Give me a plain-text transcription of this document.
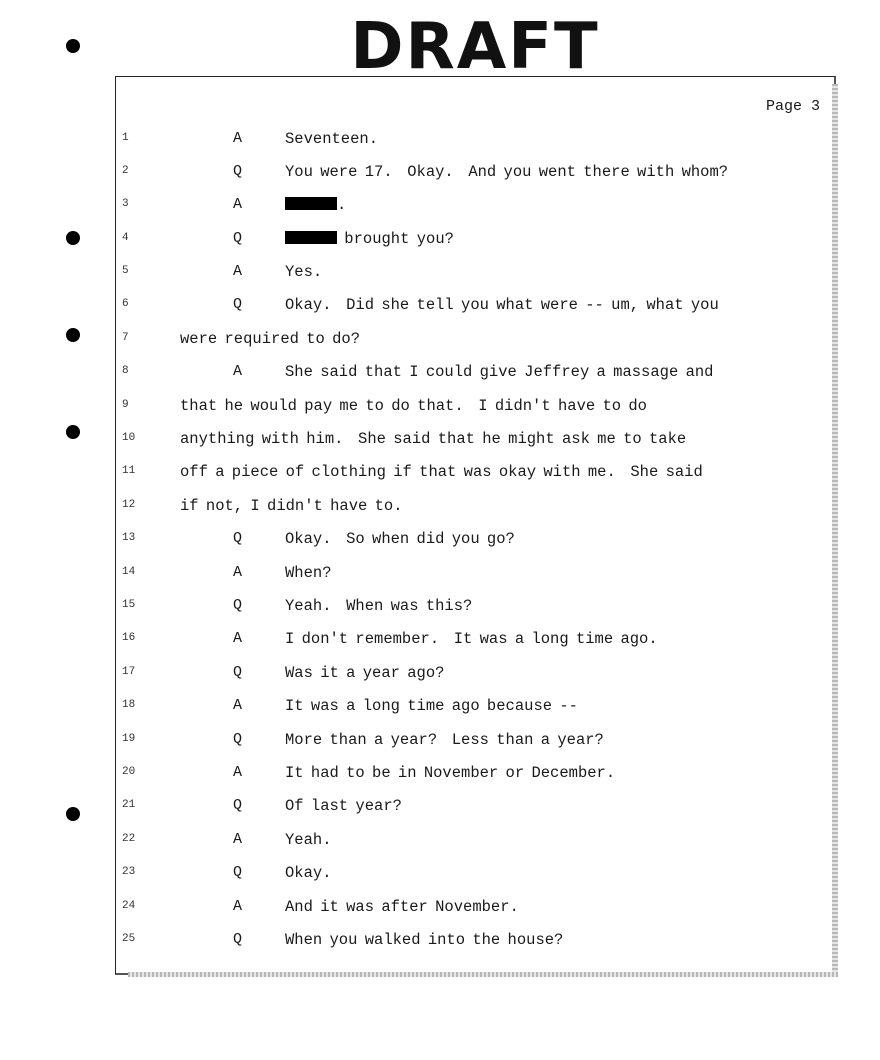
DRAFT
Page 3
1	A	Seventeen.
2	Q	You were 17.  Okay.  And you went there with whom?
3	A	.
4	Q	brought you?
5	A	Yes.
6	Q	Okay.  Did she tell you what were -- um, what you
7	were required to do?
8	A	She said that I could give Jeffrey a massage and
9	that he would pay me to do that.  I didn't have to do
10	anything with him.  She said that he might ask me to take
11	off a piece of clothing if that was okay with me.  She said
12	if not, I didn't have to.
13	Q	Okay.  So when did you go?
14	A	When?
15	Q	Yeah.  When was this?
16	A	I don't remember.  It was a long time ago.
17	Q	Was it a year ago?
18	A	It was a long time ago because --
19	Q	More than a year?  Less than a year?
20	A	It had to be in November or December.
21	Q	Of last year?
22	A	Yeah.
23	Q	Okay.
24	A	And it was after November.
25	Q	When you walked into the house?
